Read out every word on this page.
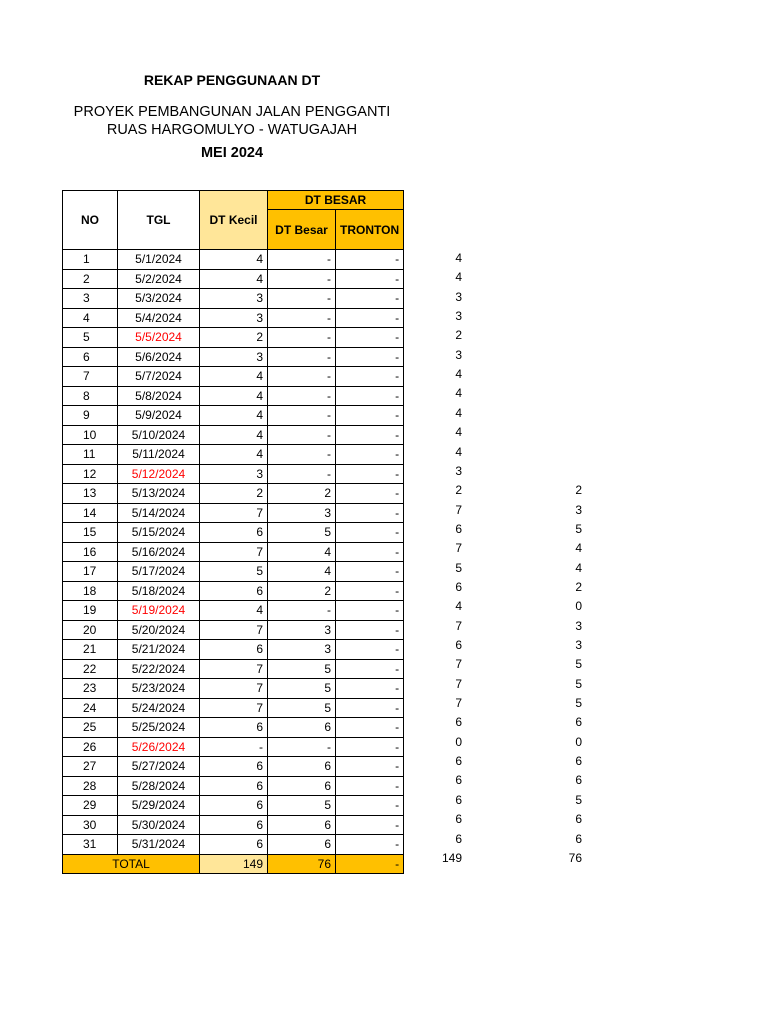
REKAP PENGGUNAAN DT
PROYEK PEMBANGUNAN JALAN PENGGANTI
RUAS HARGOMULYO - WATUGAJAH
MEI 2024
NO	TGL	DT Kecil	DT BESAR	
			DT Besar	TRONTON
1	5/1/2024	4	-	-
2	5/2/2024	4	-	-
3	5/3/2024	3	-	-
4	5/4/2024	3	-	-
5	5/5/2024	2	-	-
6	5/6/2024	3	-	-
7	5/7/2024	4	-	-
8	5/8/2024	4	-	-
9	5/9/2024	4	-	-
10	5/10/2024	4	-	-
11	5/11/2024	4	-	-
12	5/12/2024	3	-	-
13	5/13/2024	2	2	-
14	5/14/2024	7	3	-
15	5/15/2024	6	5	-
16	5/16/2024	7	4	-
17	5/17/2024	5	4	-
18	5/18/2024	6	2	-
19	5/19/2024	4	-	-
20	5/20/2024	7	3	-
21	5/21/2024	6	3	-
22	5/22/2024	7	5	-
23	5/23/2024	7	5	-
24	5/24/2024	7	5	-
25	5/25/2024	6	6	-
26	5/26/2024	-	-	-
27	5/27/2024	6	6	-
28	5/28/2024	6	6	-
29	5/29/2024	6	5	-
30	5/30/2024	6	6	-
31	5/31/2024	6	6	-
TOTAL		149	76	-
4
4
3
3
2
3
4
4
4
4
4
3
2	2
7	3
6	5
7	4
5	4
6	2
4	0
7	3
6	3
7	5
7	5
7	5
6	6
0	0
6	6
6	6
6	5
6	6
6	6
149	76
